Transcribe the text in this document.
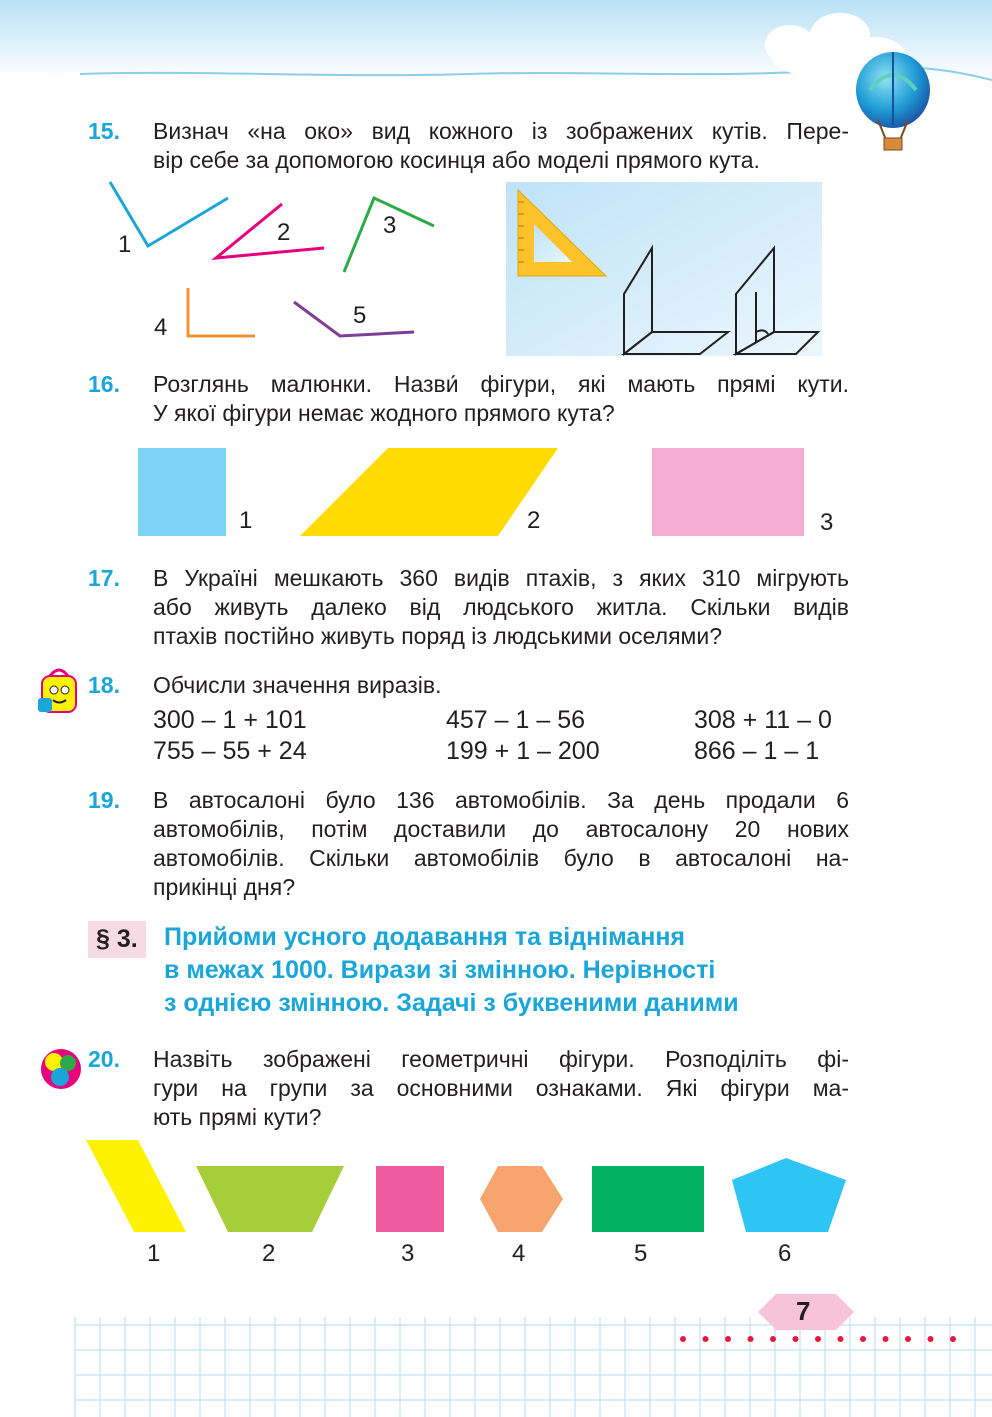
15. Визнач «на око» вид кожного із зображених кутів. Пере-
вір себе за допомогою косинця або моделі прямого кута.
1	2	3
4	5
16. Розглянь малюнки. Назви́ фігури, які мають прямі кути.
У якої фігури немає жодного прямого кута?
1	2	3
17. В Україні мешкають 360 видів птахів, з яких 310 мігрують
або живуть далеко від людського житла. Скільки видів
птахів постійно живуть поряд із людськими оселями?
18. Обчисли значення виразів.
300 – 1 + 101	457 – 1 – 56	308 + 11 – 0
755 – 55 + 24	199 + 1 – 200	866 – 1 – 1
19. В автосалоні було 136 автомобілів. За день продали 6
автомобілів, потім доставили до автосалону 20 нових
автомобілів. Скільки автомобілів було в автосалоні на-
прикінці дня?
§ 3.	Прийоми усного додавання та віднімання
в межах 1000. Вирази зі змінною. Нерівності
з однією змінною. Задачі з буквеними даними
20. Назвіть зображені геометричні фігури. Розподіліть фі-
гури на групи за основними ознаками. Які фігури ма-
ють прямі кути?
1	2	3	4	5	6
7
